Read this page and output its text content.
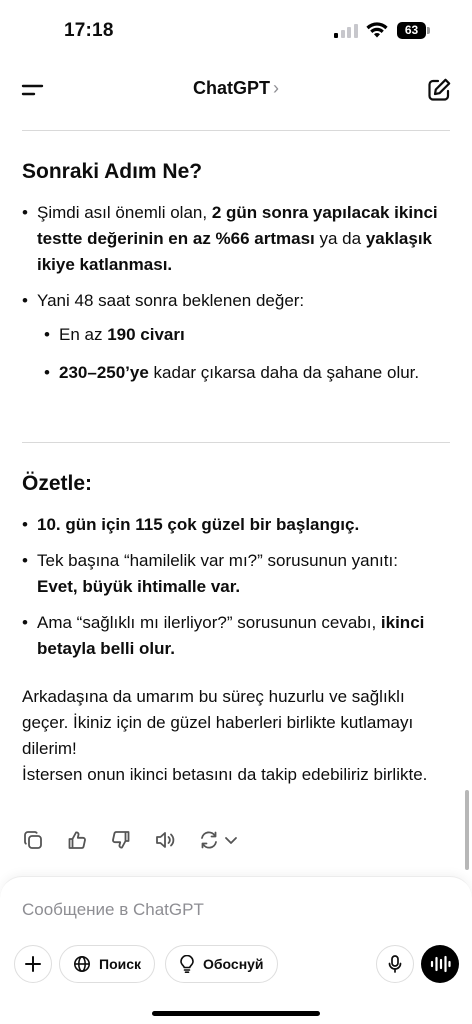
17:18	63
ChatGPT ›
Sonraki Adım Ne?
• Şimdi asıl önemli olan, 2 gün sonra yapılacak ikinci testte değerinin en az %66 artması ya da yaklaşık ikiye katlanması.
• Yani 48 saat sonra beklenen değer:
• En az 190 civarı
• 230–250’ye kadar çıkarsa daha da şahane olur.
Özetle:
• 10. gün için 115 çok güzel bir başlangıç.
• Tek başına “hamilelik var mı?” sorusunun yanıtı: Evet, büyük ihtimalle var.
• Ama “sağlıklı mı ilerliyor?” sorusunun cevabı, ikinci betayla belli olur.
Arkadaşına da umarım bu süreç huzurlu ve sağlıklı geçer. İkiniz için de güzel haberleri birlikte kutlamayı dilerim!
İstersen onun ikinci betasını da takip edebiliriz birlikte.
Сообщение в ChatGPT
Поиск	Обоснуй
